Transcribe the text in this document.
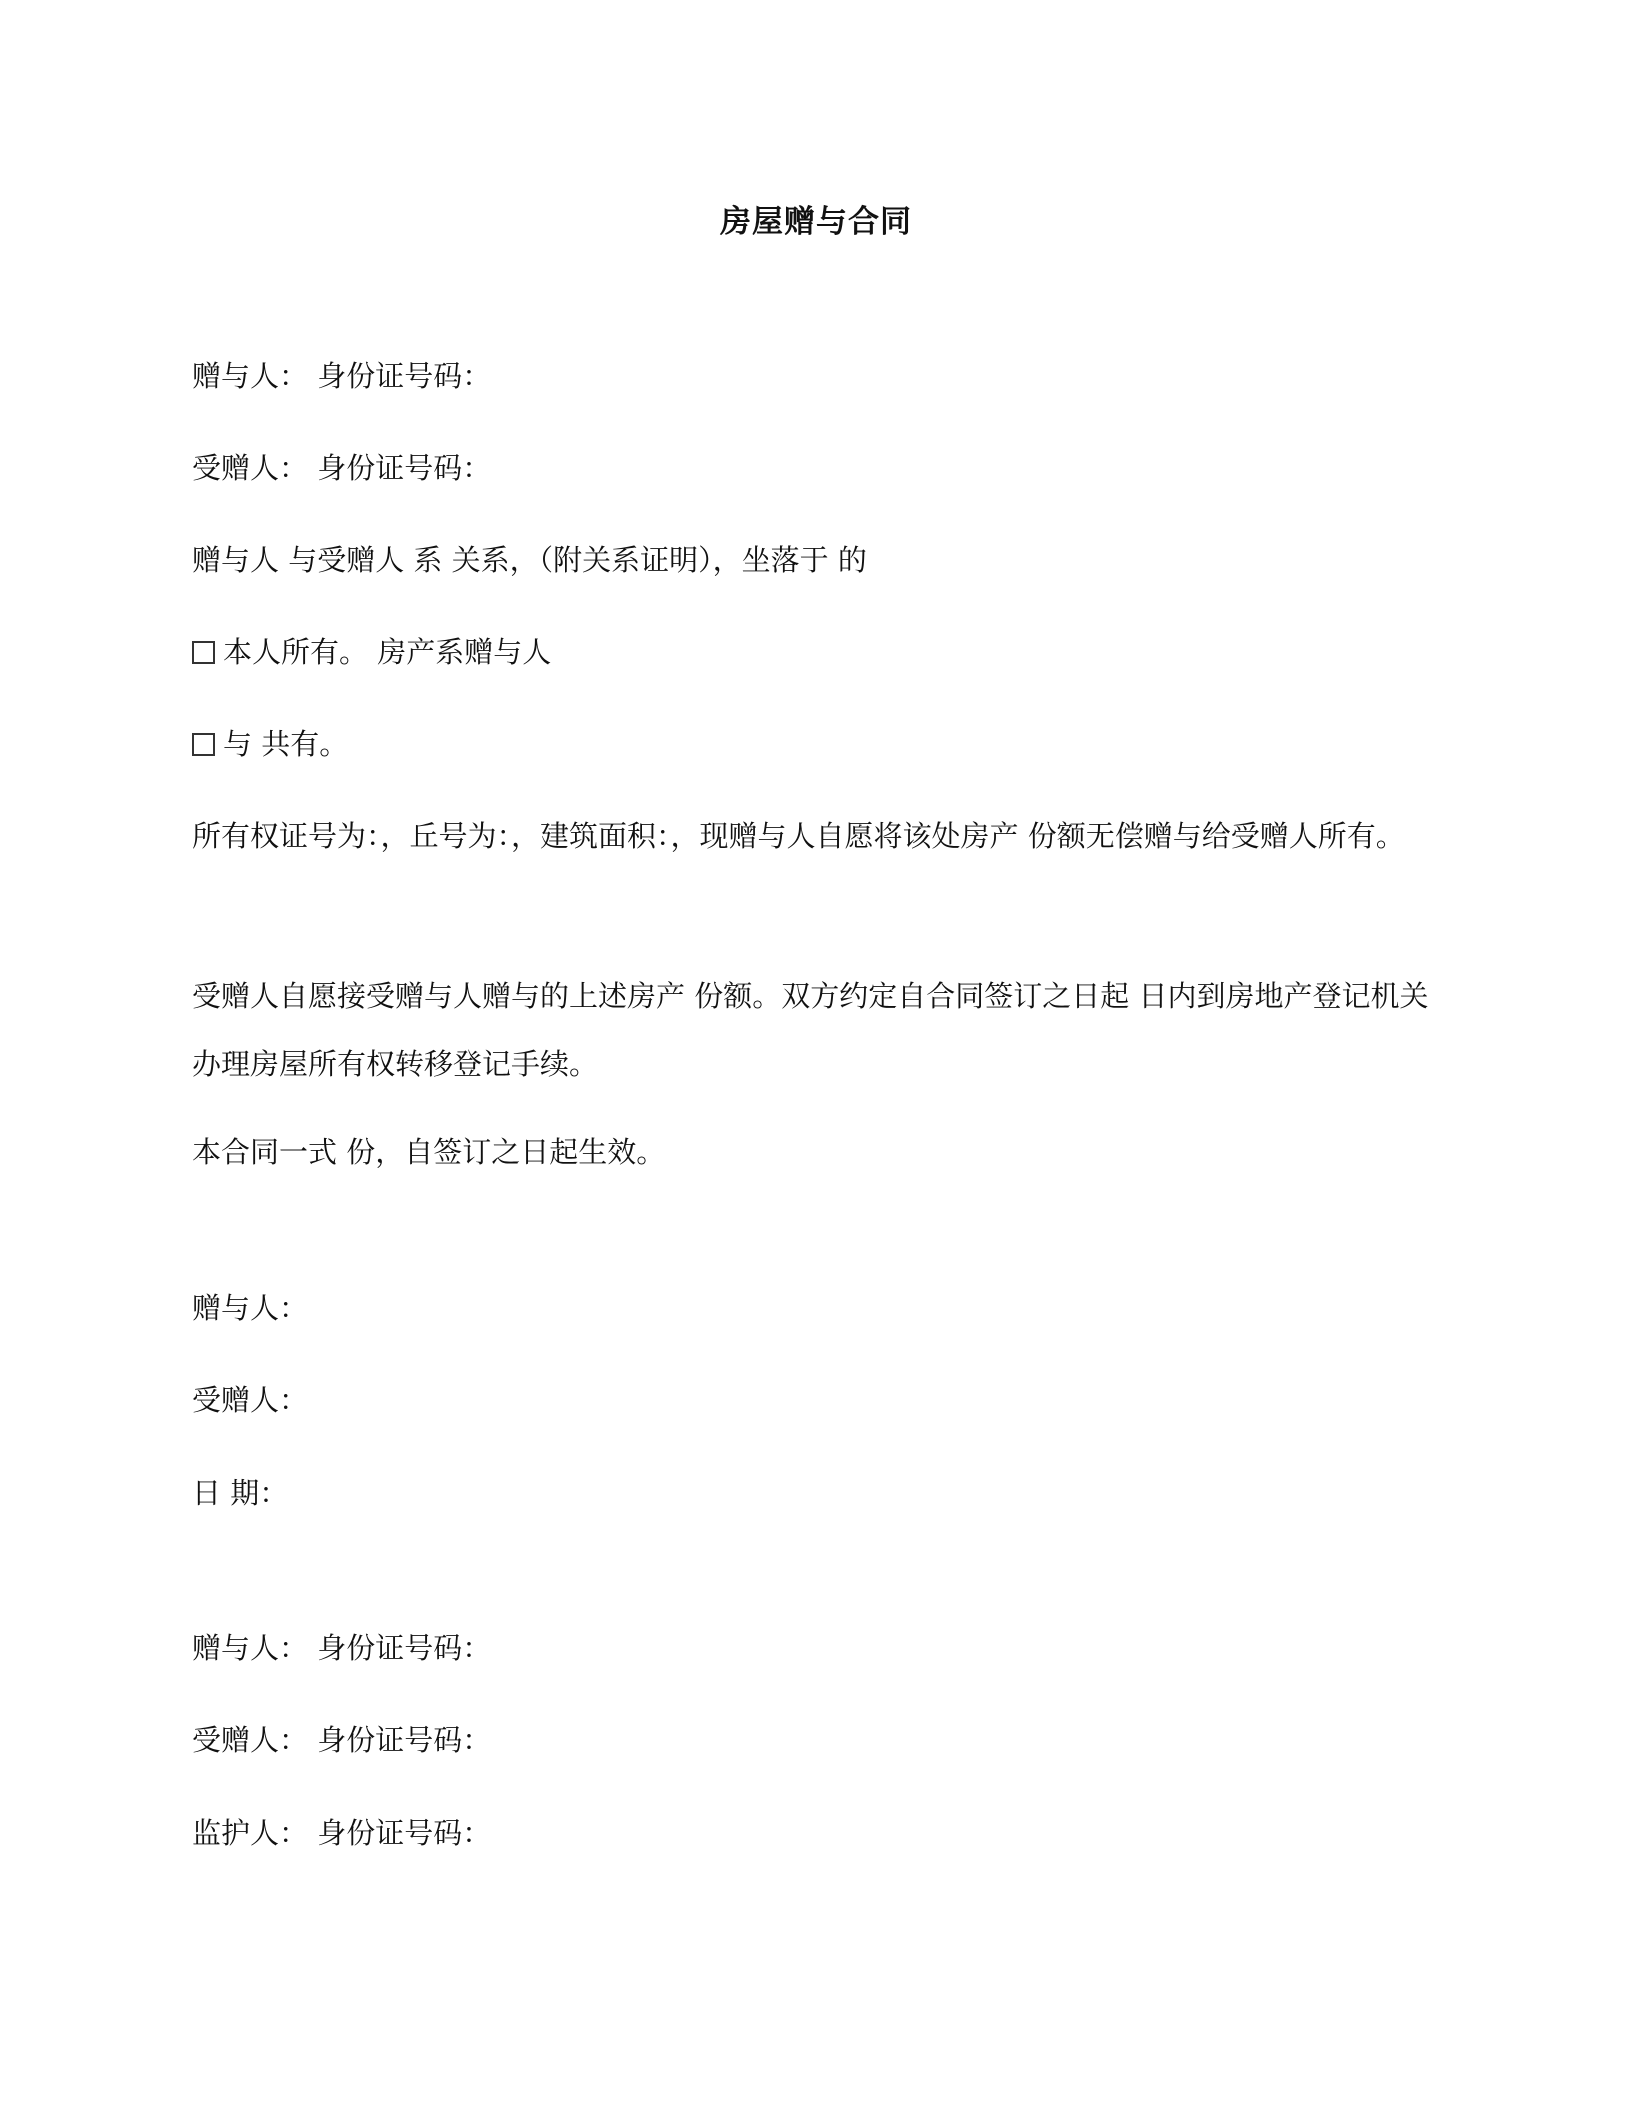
房屋赠与合同
赠与人： 身份证号码：
受赠人： 身份证号码：
赠与人 与受赠人 系 关系，（附关系证明），坐落于 的
本人所有。 房产系赠与人
与 共有。
所有权证号为：，丘号为：，建筑面积：，现赠与人自愿将该处房产 份额无偿赠与给受赠人所有。
受赠人自愿接受赠与人赠与的上述房产 份额。双方约定自合同签订之日起 日内到房地产登记机关办理房屋所有权转移登记手续。
本合同一式 份，自签订之日起生效。
赠与人：
受赠人：
日 期：
赠与人： 身份证号码：
受赠人： 身份证号码：
监护人： 身份证号码：
